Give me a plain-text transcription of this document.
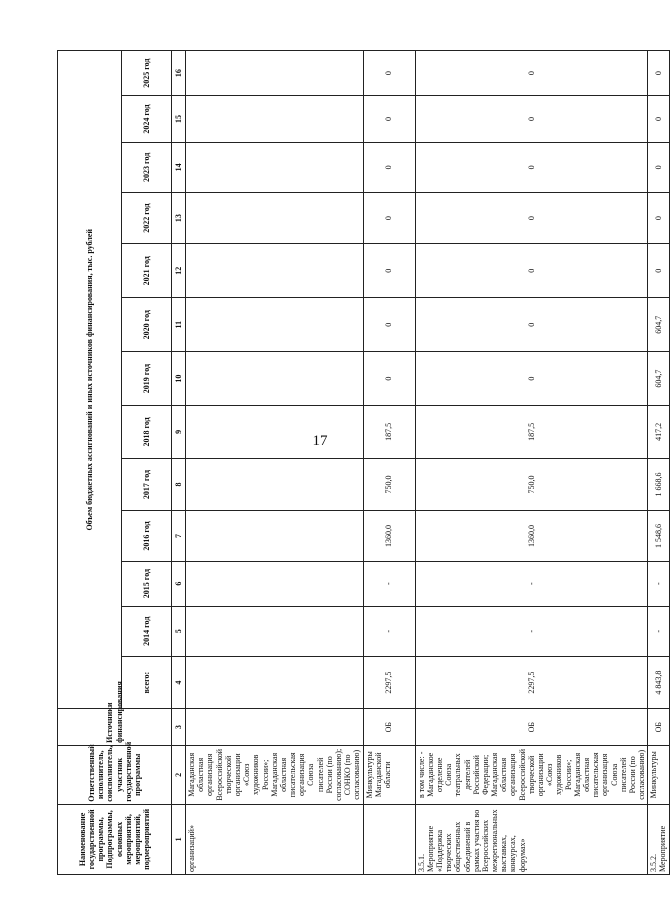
17
Наименование государственной программы, Подпрограммы, основных мероприятий, мероприятий, подмероприятий	Ответственный исполнитель, соисполнитель, участник государственной программы	Источники финансирования	Объем бюджетных ассигнований и иных источников финансирования, тыс. рублей												
			всего:	2014 год	2015 год	2016 год	2017 год	2018 год	2019 год	2020 год	2021 год	2022 год	2023 год	2024 год	2025 год
1	2	3	4	5	6	7	8	9	10	11	12	13	14	15	16
организаций»	Магаданская областная организация Всероссийской творческой организации «Союз художников России»; Магаданская областная писательская организация Союза писателей России (по согласованию); СОНКО (по согласованию)														
	Минкультуры Магаданской области	ОБ	2297,5	-	-	1360,0	750,0	187,5	0	0	0	0	0	0	0
3.5.1. Мероприятие «Поддержка творческих общественных объединений в рамках участия во Всероссийских межрегиональных выставках, конкурсах, форумах»	в том числе: - Магаданское отделение Союза театральных деятелей Российской Федерации; Магаданская областная организация Всероссийской творческой организации «Союз художников России»; Магаданская областная писательская организация Союза писателей России (по согласованию)	ОБ	2297,5	-	-	1360,0	750,0	187,5	0	0	0	0	0	0	0
3.5.2. Мероприятие	Минкультуры	ОБ	4 843,8	-	-	1 548,6	1 668,6	417,2	604,7	604,7	0	0	0	0	0
